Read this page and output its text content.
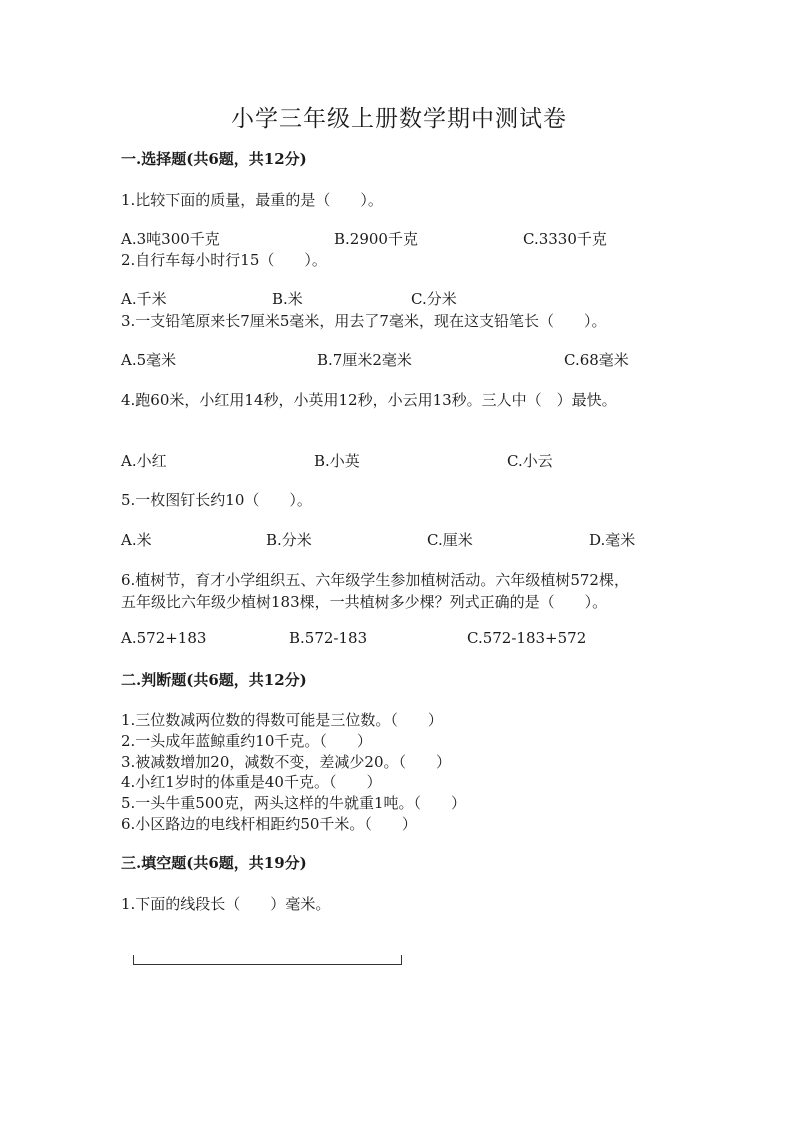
小学三年级上册数学期中测试卷
一.选择题(共6题，共12分)
1.比较下面的质量，最重的是（　　）。
A.3吨300千克	B.2900千克	C.3330千克
2.自行车每小时行15（　　）。
A.千米	B.米	C.分米
3.一支铅笔原来长7厘米5毫米，用去了7毫米，现在这支铅笔长（　　）。
A.5毫米	B.7厘米2毫米	C.68毫米
4.跑60米，小红用14秒，小英用12秒，小云用13秒。三人中（　）最快。
A.小红	B.小英	C.小云
5.一枚图钉长约10（　　）。
A.米	B.分米	C.厘米	D.毫米
6.植树节，育才小学组织五、六年级学生参加植树活动。六年级植树572棵，
五年级比六年级少植树183棵，一共植树多少棵？列式正确的是（　　）。
A.572+183	B.572-183	C.572-183+572
二.判断题(共6题，共12分)
1.三位数减两位数的得数可能是三位数。（　　）
2.一头成年蓝鲸重约10千克。（　　）
3.被减数增加20，减数不变，差减少20。（　　）
4.小红1岁时的体重是40千克。（　　）
5.一头牛重500克，两头这样的牛就重1吨。（　　）
6.小区路边的电线杆相距约50千米。（　　）
三.填空题(共6题，共19分)
1.下面的线段长（　　）毫米。
